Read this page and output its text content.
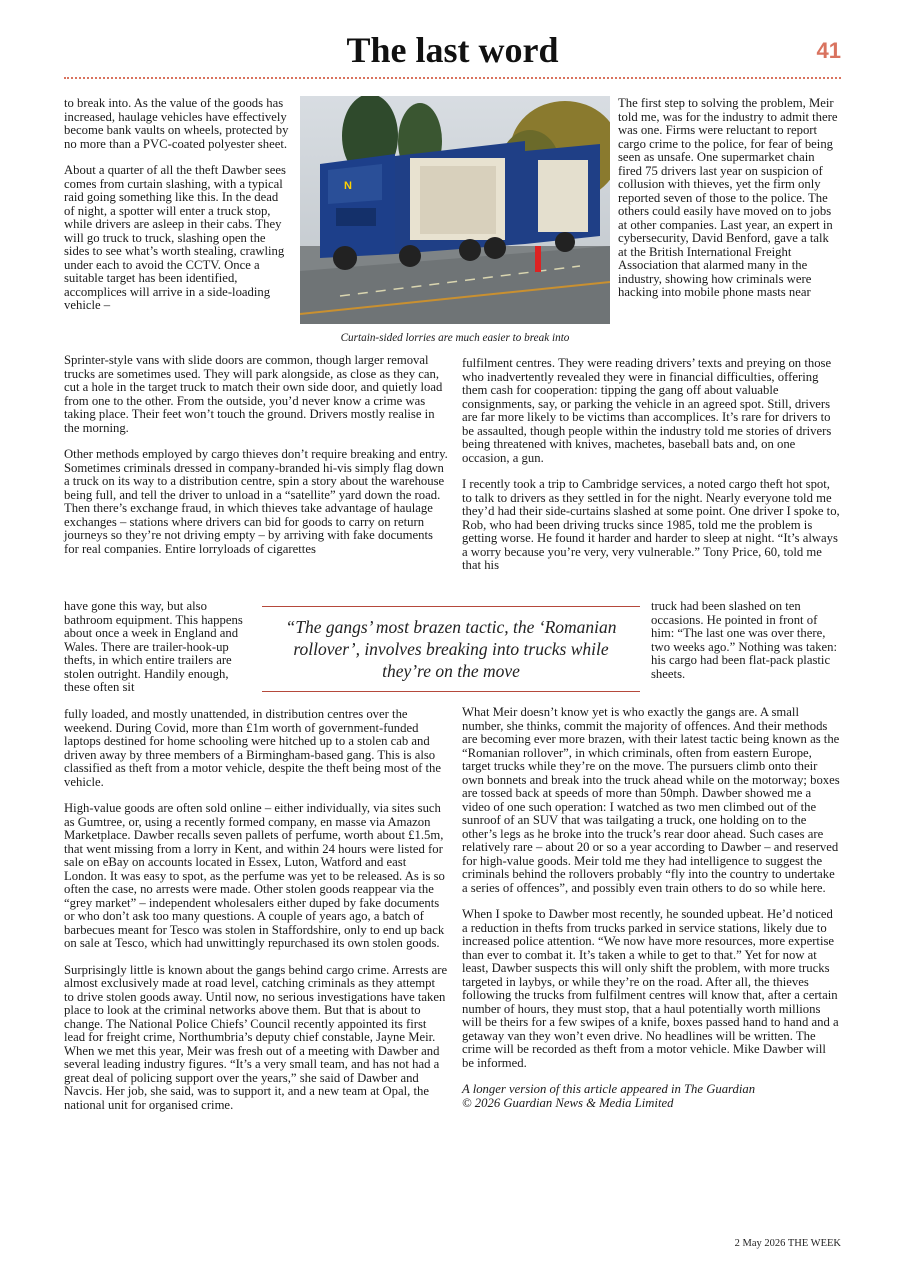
The last word	41

to break into. As the value of the goods has increased, haulage vehicles have effectively become bank vaults on wheels, protected by no more than a PVC-coated polyester sheet.

About a quarter of all the theft Dawber sees comes from curtain slashing, with a typical raid going something like this. In the dead of night, a spotter will enter a truck stop, while drivers are asleep in their cabs. They will go truck to truck, slashing open the sides to see what’s worth stealing, crawling under each to avoid the CCTV. Once a suitable target has been identified, accomplices will arrive in a side-loading vehicle –

N
Curtain-sided lorries are much easier to break into

The first step to solving the problem, Meir told me, was for the industry to admit there was one. Firms were reluctant to report cargo crime to the police, for fear of being seen as unsafe. One supermarket chain fired 75 drivers last year on suspicion of collusion with thieves, yet the firm only reported seven of those to the police. The others could easily have moved on to jobs at other companies. Last year, an expert in cybersecurity, David Benford, gave a talk at the British International Freight Association that alarmed many in the industry, showing how criminals were hacking into mobile phone masts near

Sprinter-style vans with slide doors are common, though larger removal trucks are sometimes used. They will park alongside, as close as they can, cut a hole in the target truck to match their own side door, and quietly load from one to the other. From the outside, you’d never know a crime was taking place. Their feet won’t touch the ground. Drivers mostly realise in the morning.

Other methods employed by cargo thieves don’t require breaking and entry. Sometimes criminals dressed in company-branded hi-vis simply flag down a truck on its way to a distribution centre, spin a story about the warehouse being full, and tell the driver to unload in a “satellite” yard down the road. Then there’s exchange fraud, in which thieves take advantage of haulage exchanges – stations where drivers can bid for goods to carry on return journeys so they’re not driving empty – by arriving with fake documents for real companies. Entire lorryloads of cigarettes

fulfilment centres. They were reading drivers’ texts and preying on those who inadvertently revealed they were in financial difficulties, offering them cash for cooperation: tipping the gang off about valuable consignments, say, or parking the vehicle in an agreed spot. Still, drivers are far more likely to be victims than accomplices. It’s rare for drivers to be assaulted, though people within the industry told me stories of drivers being threatened with knives, machetes, baseball bats and, on one occasion, a gun.

I recently took a trip to Cambridge services, a noted cargo theft hot spot, to talk to drivers as they settled in for the night. Nearly everyone told me they’d had their side-curtains slashed at some point. One driver I spoke to, Rob, who had been driving trucks since 1985, told me the problem is getting worse. He found it harder and harder to sleep at night. “It’s always a worry because you’re very, very vulnerable.” Tony Price, 60, told me that his

have gone this way, but also bathroom equipment. This happens about once a week in England and Wales. There are trailer-hook-up thefts, in which entire trailers are stolen outright. Handily enough, these often sit

“The gangs’ most brazen tactic, the ‘Romanian rollover’, involves breaking into trucks while they’re on the move

truck had been slashed on ten occasions. He pointed in front of him: “The last one was over there, two weeks ago.” Nothing was taken: his cargo had been flat-pack plastic sheets.

fully loaded, and mostly unattended, in distribution centres over the weekend. During Covid, more than £1m worth of government-funded laptops destined for home schooling were hitched up to a stolen cab and driven away by three members of a Birmingham-based gang. This is also classified as theft from a motor vehicle, despite the theft being most of the vehicle.

High-value goods are often sold online – either individually, via sites such as Gumtree, or, using a recently formed company, en masse via Amazon Marketplace. Dawber recalls seven pallets of perfume, worth about £1.5m, that went missing from a lorry in Kent, and within 24 hours were listed for sale on eBay on accounts located in Essex, Luton, Watford and east London. It was easy to spot, as the perfume was yet to be released. As is so often the case, no arrests were made. Other stolen goods reappear via the “grey market” – independent wholesalers either duped by fake documents or who don’t ask too many questions. A couple of years ago, a batch of barbecues meant for Tesco was stolen in Staffordshire, only to end up back on sale at Tesco, which had unwittingly repurchased its own stolen goods.

Surprisingly little is known about the gangs behind cargo crime. Arrests are almost exclusively made at road level, catching criminals as they attempt to drive stolen goods away. Until now, no serious investigations have taken place to look at the criminal networks above them. But that is about to change. The National Police Chiefs’ Council recently appointed its first lead for freight crime, Northumbria’s deputy chief constable, Jayne Meir. When we met this year, Meir was fresh out of a meeting with Dawber and several leading industry figures. “It’s a very small team, and has not had a great deal of policing support over the years,” she said of Dawber and Navcis. Her job, she said, was to support it, and a new team at Opal, the national unit for organised crime.

What Meir doesn’t know yet is who exactly the gangs are. A small number, she thinks, commit the majority of offences. And their methods are becoming ever more brazen, with their latest tactic being known as the “Romanian rollover”, in which criminals, often from eastern Europe, target trucks while they’re on the move. The pursuers climb onto their own bonnets and break into the truck ahead while on the motorway; boxes are tossed back at speeds of more than 50mph. Dawber showed me a video of one such operation: I watched as two men climbed out of the sunroof of an SUV that was tailgating a truck, one holding on to the other’s legs as he broke into the truck’s rear door ahead. Such cases are relatively rare – about 20 or so a year according to Dawber – and reserved for high-value goods. Meir told me they had intelligence to suggest the criminals behind the rollovers probably “fly into the country to undertake a series of offences”, and possibly even train others to do so while here.

When I spoke to Dawber most recently, he sounded upbeat. He’d noticed a reduction in thefts from trucks parked in service stations, likely due to increased police attention. “We now have more resources, more expertise than ever to combat it. It’s taken a while to get to that.” Yet for now at least, Dawber suspects this will only shift the problem, with more trucks targeted in laybys, or while they’re on the road. After all, the thieves following the trucks from fulfilment centres will know that, after a certain number of hours, they must stop, that a haul potentially worth millions will be theirs for a few swipes of a knife, boxes passed hand to hand and a getaway van they won’t even drive. No headlines will be written. The crime will be recorded as theft from a motor vehicle. Mike Dawber will be informed.

A longer version of this article appeared in The Guardian
© 2026 Guardian News & Media Limited

2 May 2026 THE WEEK
